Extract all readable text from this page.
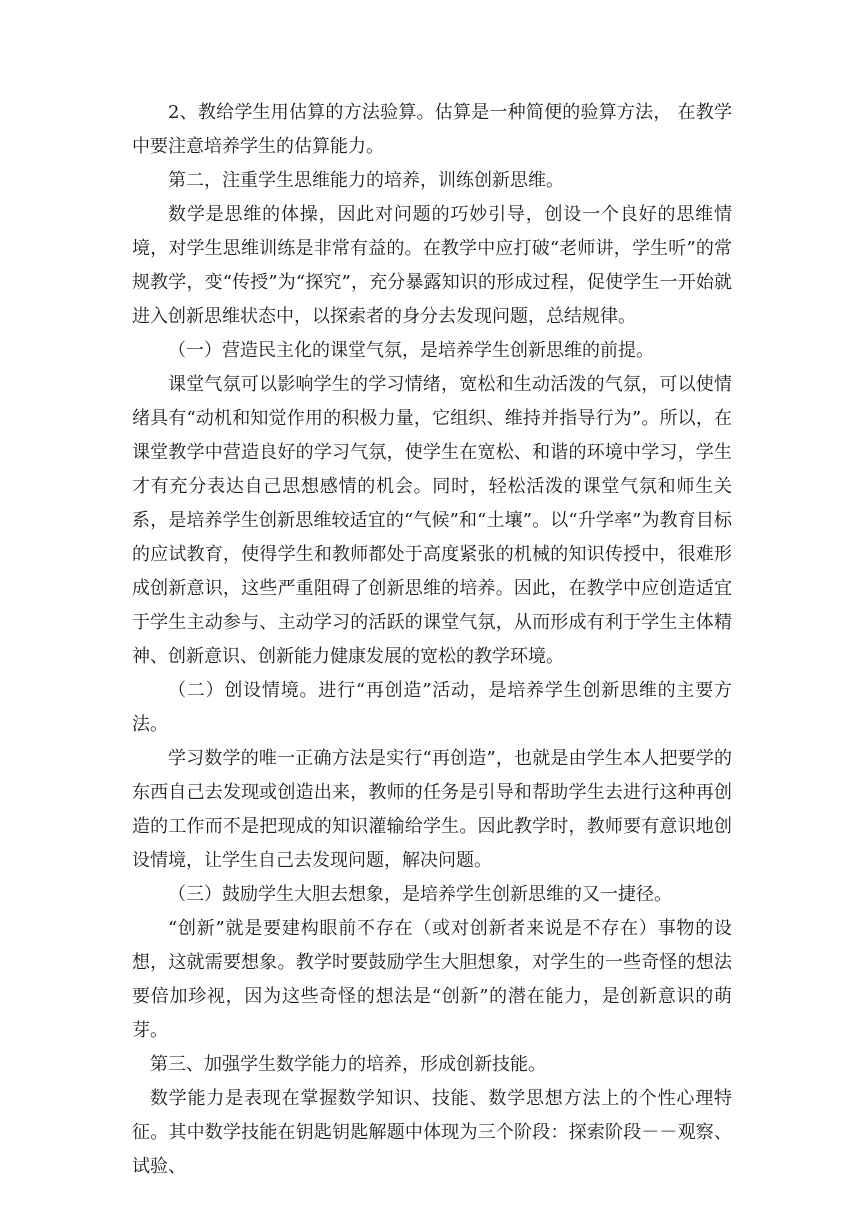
2、教给学生用估算的方法验算。估算是一种简便的验算方法， 在教学中要注意培养学生的估算能力。

第二，注重学生思维能力的培养，训练创新思维。

数学是思维的体操，因此对问题的巧妙引导，创设一个良好的思维情境，对学生思维训练是非常有益的。在教学中应打破“老师讲，学生听”的常规教学，变“传授”为“探究”，充分暴露知识的形成过程，促使学生一开始就进入创新思维状态中，以探索者的身分去发现问题，总结规律。

（一）营造民主化的课堂气氛，是培养学生创新思维的前提。

课堂气氛可以影响学生的学习情绪，宽松和生动活泼的气氛，可以使情绪具有“动机和知觉作用的积极力量，它组织、维持并指导行为”。所以，在课堂教学中营造良好的学习气氛，使学生在宽松、和谐的环境中学习，学生才有充分表达自己思想感情的机会。同时，轻松活泼的课堂气氛和师生关系，是培养学生创新思维较适宜的“气候”和“土壤”。以“升学率”为教育目标的应试教育，使得学生和教师都处于高度紧张的机械的知识传授中，很难形成创新意识，这些严重阻碍了创新思维的培养。因此，在教学中应创造适宜于学生主动参与、主动学习的活跃的课堂气氛，从而形成有利于学生主体精神、创新意识、创新能力健康发展的宽松的教学环境。

（二）创设情境。进行“再创造”活动，是培养学生创新思维的主要方法。

学习数学的唯一正确方法是实行“再创造”，也就是由学生本人把要学的东西自己去发现或创造出来，教师的任务是引导和帮助学生去进行这种再创造的工作而不是把现成的知识灌输给学生。因此教学时，教师要有意识地创设情境，让学生自己去发现问题，解决问题。

（三）鼓励学生大胆去想象，是培养学生创新思维的又一捷径。

“创新”就是要建构眼前不存在（或对创新者来说是不存在）事物的设想，这就需要想象。教学时要鼓励学生大胆想象，对学生的一些奇怪的想法要倍加珍视，因为这些奇怪的想法是“创新”的潜在能力，是创新意识的萌芽。

第三、加强学生数学能力的培养，形成创新技能。

数学能力是表现在掌握数学知识、技能、数学思想方法上的个性心理特征。其中数学技能在钥匙钥匙解题中体现为三个阶段：探索阶段－－观察、试验、
